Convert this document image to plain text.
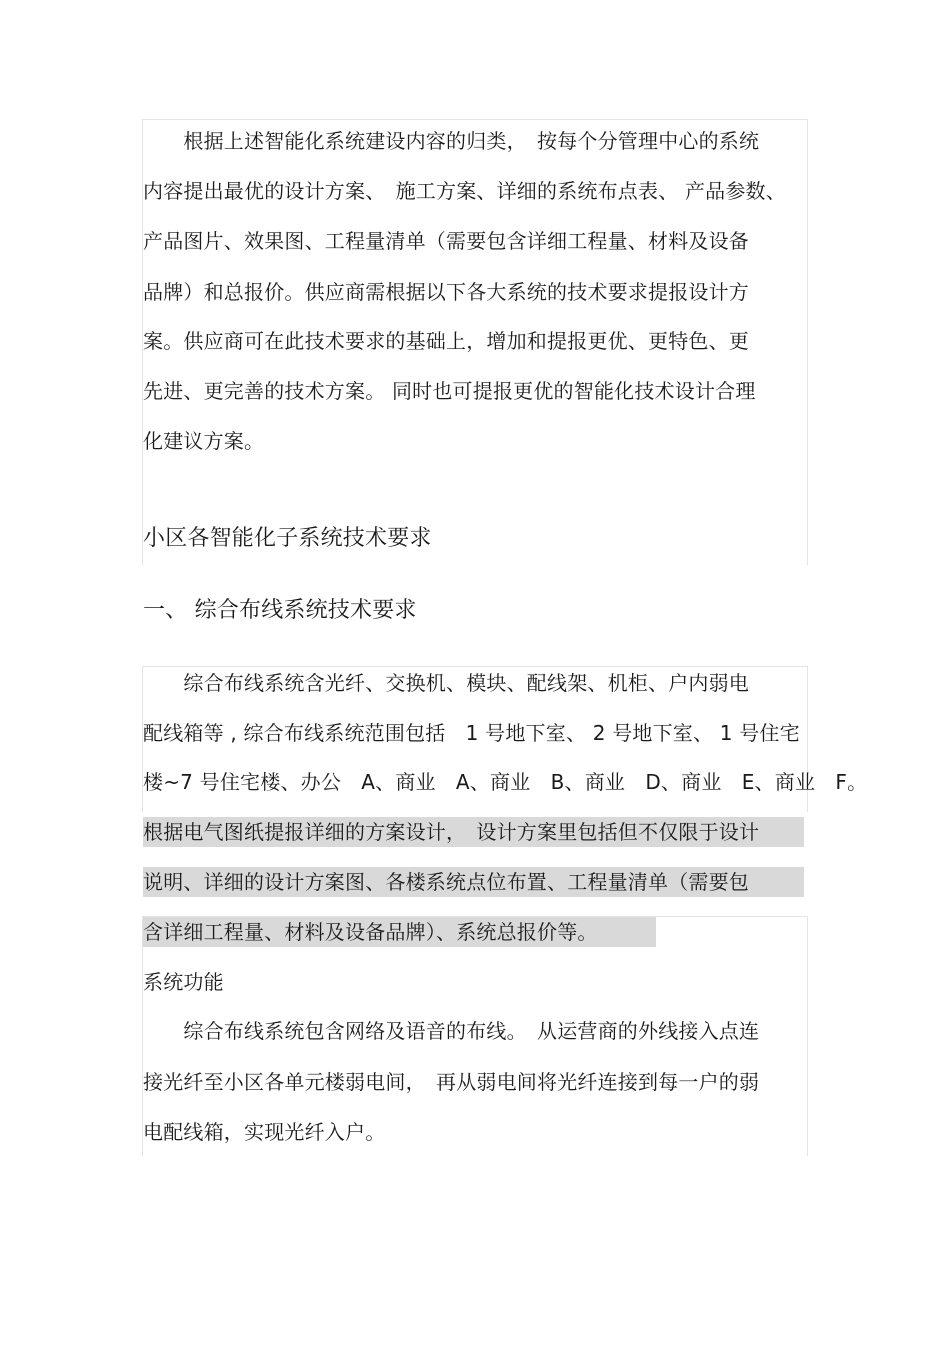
　　根据上述智能化系统建设内容的归类，　按每个分管理中心的系统
内容提出最优的设计方案、　施工方案、详细的系统布点表、 产品参数、
产品图片、效果图、工程量清单（需要包含详细工程量、材料及设备
品牌）和总报价。供应商需根据以下各大系统的技术要求提报设计方
案。供应商可在此技术要求的基础上，增加和提报更优、更特色、更
先进、更完善的技术方案。 同时也可提报更优的智能化技术设计合理
化建议方案。
小区各智能化子系统技术要求
一、 综合布线系统技术要求
　　综合布线系统含光纤、交换机、模块、配线架、机柜、户内弱电
配线箱等 , 综合布线系统范围包括　1 号地下室、 2 号地下室、 1 号住宅
楼~7 号住宅楼、办公　A、商业　A、商业　B、商业　D、商业　E、商业　F。
根据电气图纸提报详细的方案设计，　设计方案里包括但不仅限于设计
说明、详细的设计方案图、各楼系统点位布置、工程量清单（需要包
含详细工程量、材料及设备品牌）、系统总报价等。
系统功能
　　综合布线系统包含网络及语音的布线。　从运营商的外线接入点连
接光纤至小区各单元楼弱电间，　再从弱电间将光纤连接到每一户的弱
电配线箱，实现光纤入户。
